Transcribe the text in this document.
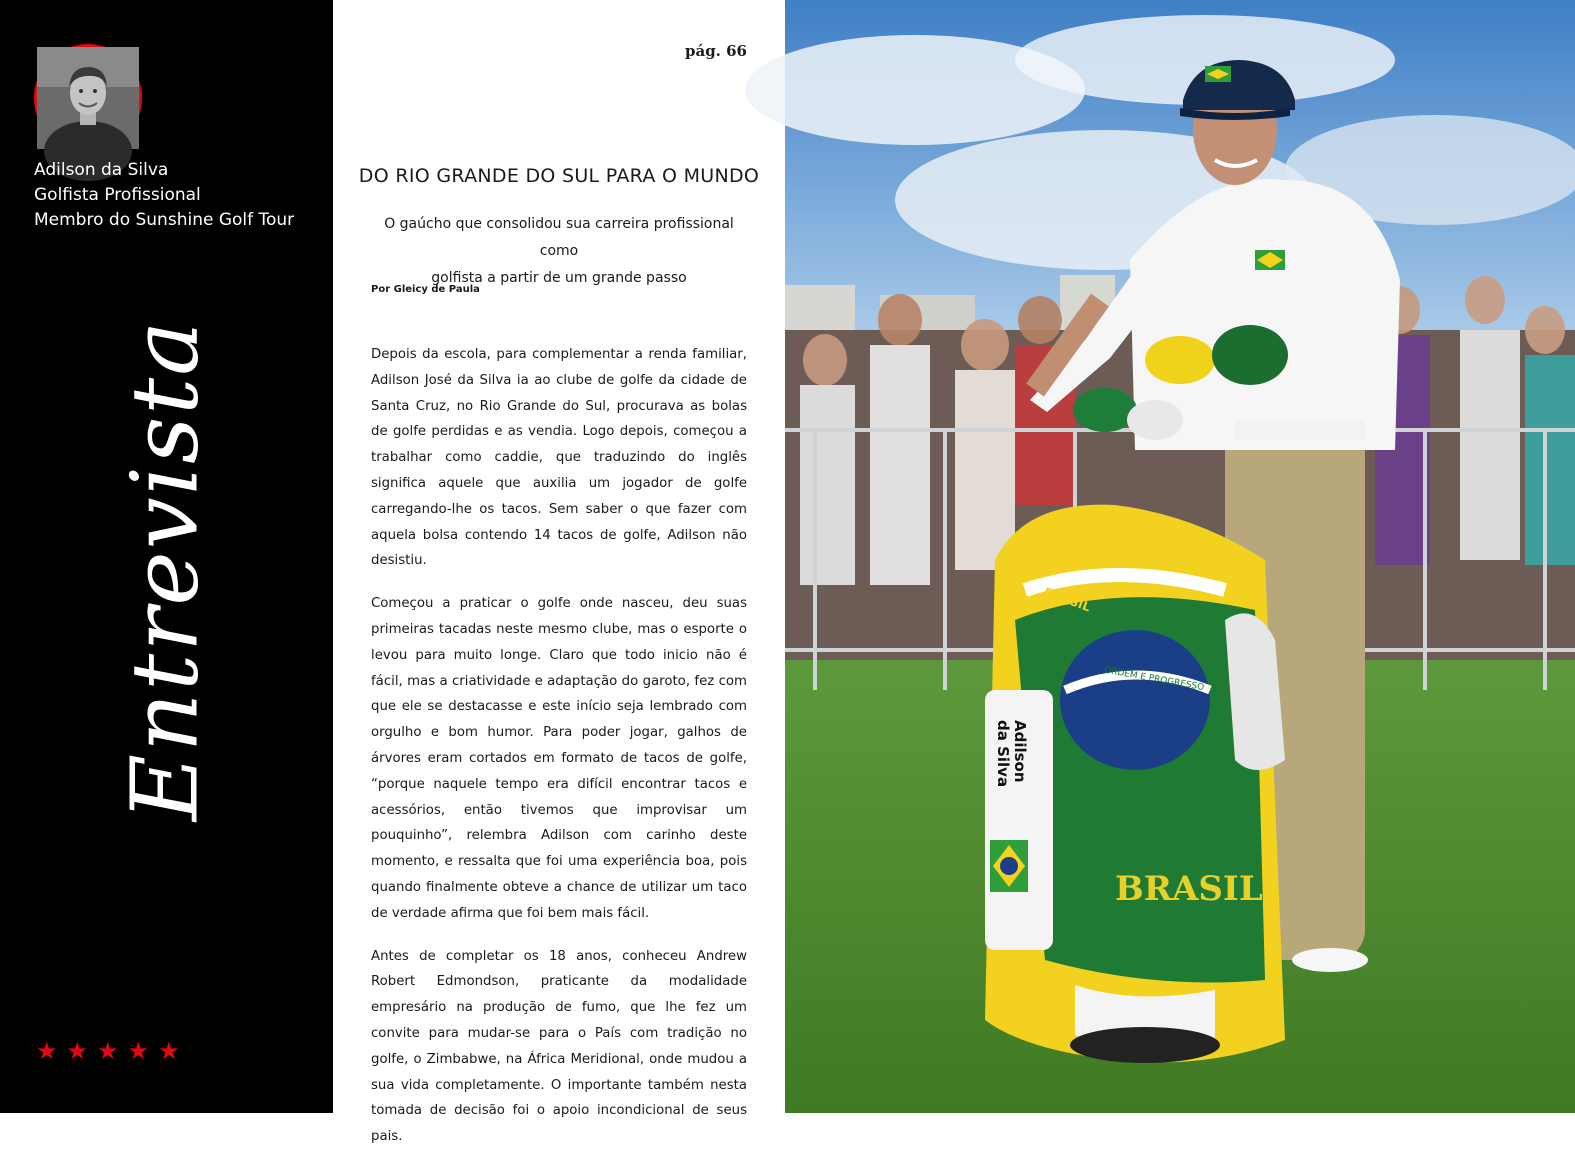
Adilson da Silva
Golfista Profissional
Membro do Sunshine Golf Tour
Entrevista
★ ★ ★ ★ ★
pág. 66
DO RIO GRANDE DO SUL PARA O MUNDO
O gaúcho que consolidou sua carreira profissional como
golfista a partir de um grande passo
Por Gleicy de Paula

Depois da escola, para complementar a renda familiar, Adilson José da Silva ia ao clube de golfe da cidade de Santa Cruz, no Rio Grande do Sul, procurava as bolas de golfe perdidas e as vendia. Logo depois, começou a trabalhar como caddie, que traduzindo do inglês significa aquele que auxilia um jogador de golfe carregando-lhe os tacos. Sem saber o que fazer com aquela bolsa contendo 14 tacos de golfe, Adilson não desistiu.

Começou a praticar o golfe onde nasceu, deu suas primeiras tacadas neste mesmo clube, mas o esporte o levou para muito longe. Claro que todo inicio não é fácil, mas a criatividade e adaptação do garoto, fez com que ele se destacasse e este início seja lembrado com orgulho e bom humor. Para poder jogar, galhos de árvores eram cortados em formato de tacos de golfe, “porque naquele tempo era difícil encontrar tacos e acessórios, então tivemos que improvisar um pouquinho”, relembra Adilson com carinho deste momento, e ressalta que foi uma experiência boa, pois quando finalmente obteve a chance de utilizar um taco de verdade afirma que foi bem mais fácil.

Antes de completar os 18 anos, conheceu Andrew Robert Edmondson, praticante da modalidade empresário na produção de fumo, que lhe fez um convite para mudar-se para o País com tradição no golfe, o Zimbabwe, na África Meridional, onde mudou a sua vida completamente. O importante também nesta tomada de decisão foi o apoio incondicional de seus pais.

ORDEM E PROGRESSO
Adilson
da Silva
BRASIL
BRASIL
